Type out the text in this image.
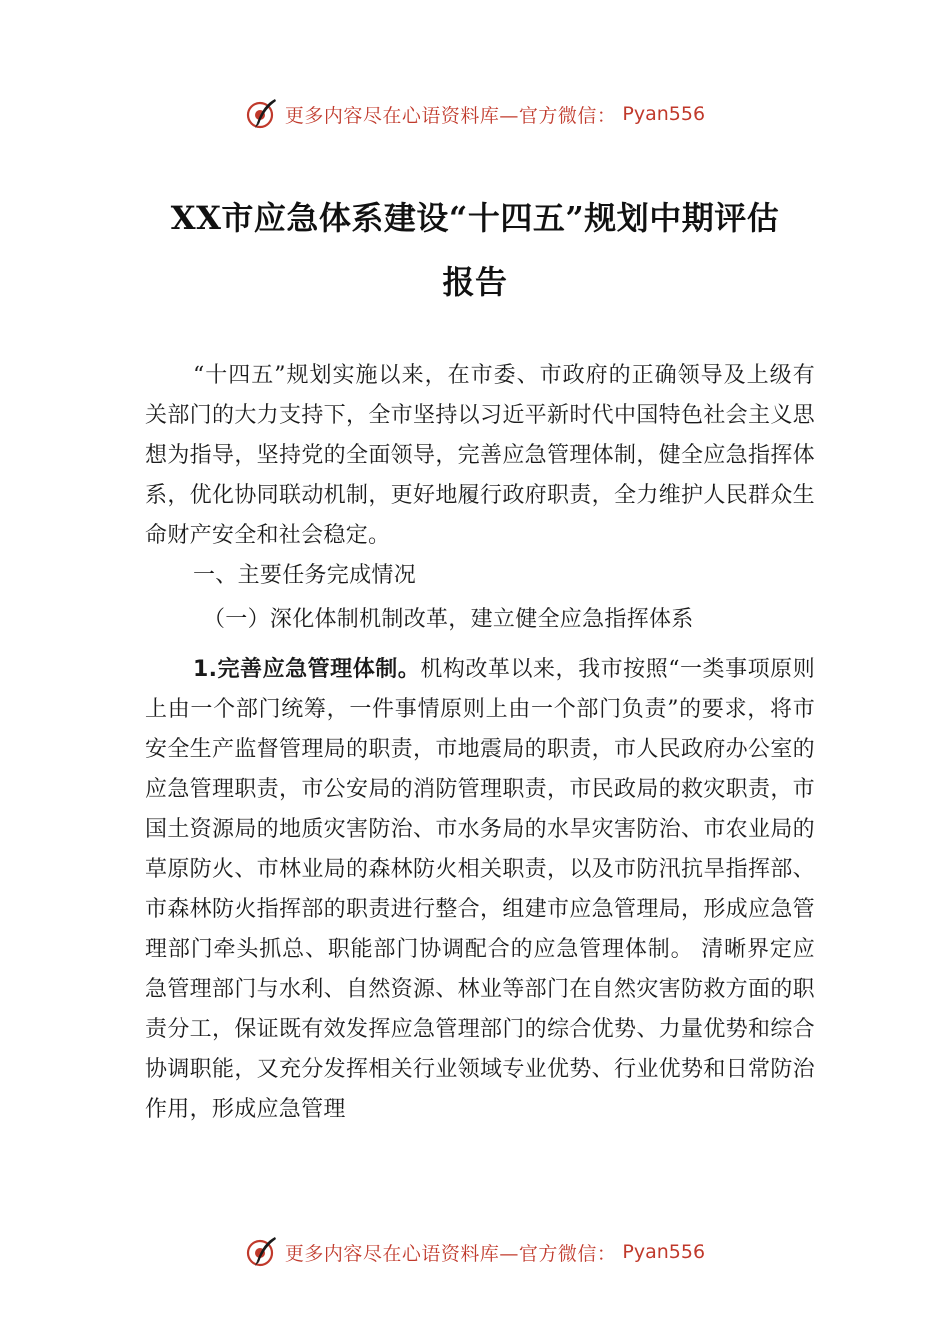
更多内容尽在心语资料库—官方微信： Pyan556
XX市应急体系建设“十四五”规划中期评估
报告

“十四五”规划实施以来，在市委、市政府的正确领导及上级有关部门的大力支持下，全市坚持以习近平新时代中国特色社会主义思想为指导，坚持党的全面领导，完善应急管理体制，健全应急指挥体系，优化协同联动机制，更好地履行政府职责，全力维护人民群众生命财产安全和社会稳定。

一、主要任务完成情况

（一）深化体制机制改革，建立健全应急指挥体系

1.完善应急管理体制。机构改革以来，我市按照“一类事项原则上由一个部门统筹，一件事情原则上由一个部门负责”的要求，将市安全生产监督管理局的职责，市地震局的职责，市人民政府办公室的应急管理职责，市公安局的消防管理职责，市民政局的救灾职责，市国土资源局的地质灾害防治、市水务局的水旱灾害防治、市农业局的草原防火、市林业局的森林防火相关职责，以及市防汛抗旱指挥部、市森林防火指挥部的职责进行整合，组建市应急管理局，形成应急管理部门牵头抓总、职能部门协调配合的应急管理体制。 清晰界定应急管理部门与水利、自然资源、林业等部门在自然灾害防救方面的职责分工，保证既有效发挥应急管理部门的综合优势、力量优势和综合协调职能，又充分发挥相关行业领域专业优势、行业优势和日常防治作用，形成应急管理

更多内容尽在心语资料库—官方微信： Pyan556
